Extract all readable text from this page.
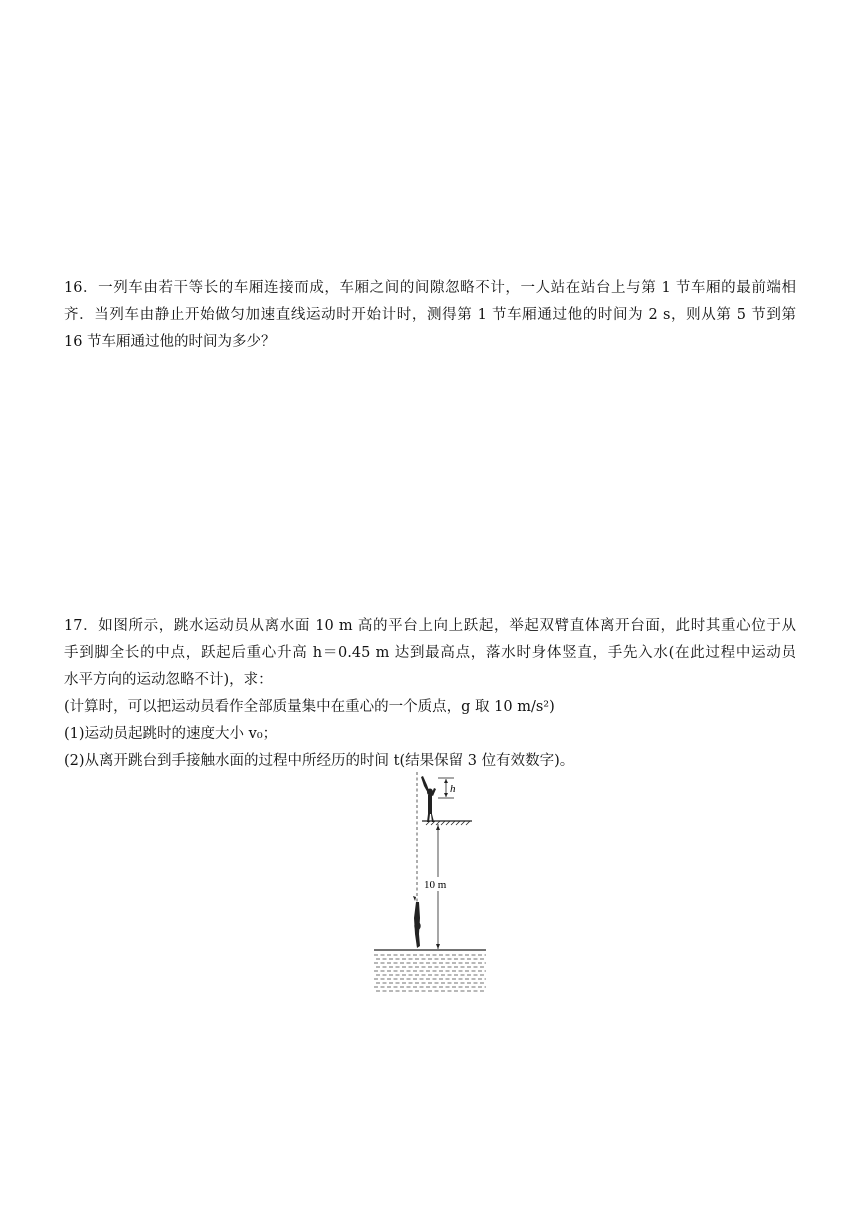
16．一列车由若干等长的车厢连接而成，车厢之间的间隙忽略不计，一人站在站台上与第 1 节车厢的最前端相
齐．当列车由静止开始做匀加速直线运动时开始计时，测得第 1 节车厢通过他的时间为 2 s，则从第 5 节到第
16 节车厢通过他的时间为多少？
17．如图所示，跳水运动员从离水面 10 m 高的平台上向上跃起，举起双臂直体离开台面，此时其重心位于从
手到脚全长的中点，跃起后重心升高 h＝0.45 m 达到最高点，落水时身体竖直，手先入水(在此过程中运动员
水平方向的运动忽略不计)，求：
(计算时，可以把运动员看作全部质量集中在重心的一个质点，g 取 10 m/s²)
(1)运动员起跳时的速度大小 v₀；
(2)从离开跳台到手接触水面的过程中所经历的时间 t(结果保留 3 位有效数字)。
h
10 m
